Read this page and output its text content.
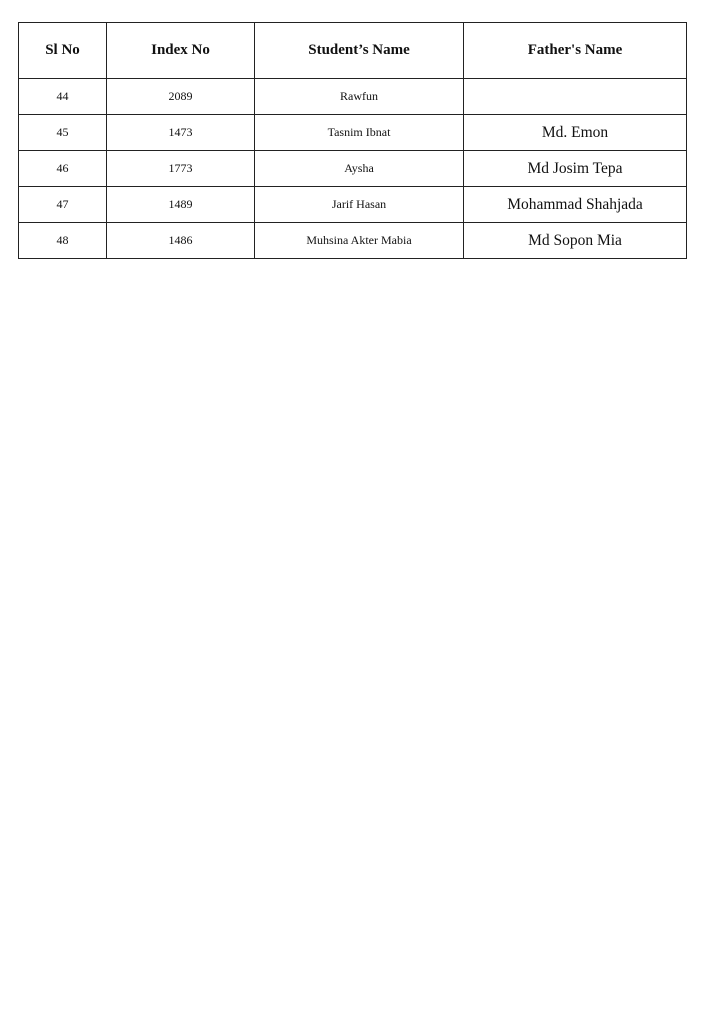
Sl No	Index No	Student’s Name	Father's Name
44	2089	Rawfun	
45	1473	Tasnim Ibnat	Md. Emon
46	1773	Aysha	Md Josim Tepa
47	1489	Jarif Hasan	Mohammad Shahjada
48	1486	Muhsina Akter Mabia	Md Sopon Mia
